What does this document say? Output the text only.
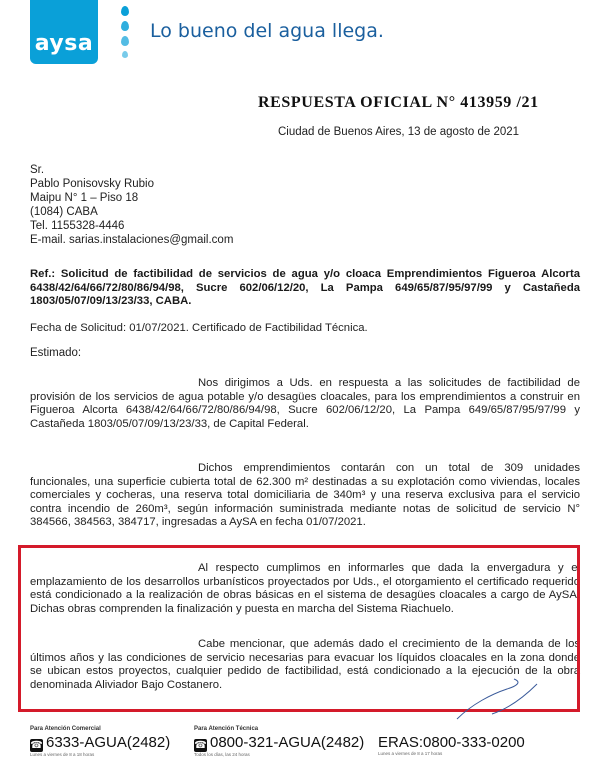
aysa	Lo bueno del agua llega.
RESPUESTA OFICIAL N° 413959 /21
Ciudad de Buenos Aires, 13 de agosto de 2021
Sr.
Pablo Ponisovsky Rubio
Maipu N° 1 – Piso 18
(1084) CABA
Tel. 1155328-4446
E-mail. sarias.instalaciones@gmail.com
Ref.: Solicitud de factibilidad de servicios de agua y/o cloaca Emprendimientos Figueroa Alcorta 6438/42/64/66/72/80/86/94/98, Sucre 602/06/12/20, La Pampa 649/65/87/95/97/99 y Castañeda 1803/05/07/09/13/23/33, CABA.
Fecha de Solicitud: 01/07/2021. Certificado de Factibilidad Técnica.
Estimado:
Nos dirigimos a Uds. en respuesta a las solicitudes de factibilidad de provisión de los servicios de agua potable y/o desagües cloacales, para los emprendimientos a construir en Figueroa Alcorta 6438/42/64/66/72/80/86/94/98, Sucre 602/06/12/20, La Pampa 649/65/87/95/97/99 y Castañeda 1803/05/07/09/13/23/33, de Capital Federal.
Dichos emprendimientos contarán con un total de 309 unidades funcionales, una superficie cubierta total de 62.300 m² destinadas a su explotación como viviendas, locales comerciales y cocheras, una reserva total domiciliaria de 340m³ y una reserva exclusiva para el servicio contra incendio de 260m³, según información suministrada mediante notas de solicitud de servicio N° 384566, 384563, 384717, ingresadas a AySA en fecha 01/07/2021.
Al respecto cumplimos en informarles que dada la envergadura y el emplazamiento de los desarrollos urbanísticos proyectados por Uds., el otorgamiento el certificado requerido está condicionado a la realización de obras básicas en el sistema de desagües cloacales a cargo de AySA. Dichas obras comprenden la finalización y puesta en marcha del Sistema Riachuelo.
Cabe mencionar, que además dado el crecimiento de la demanda de los últimos años y las condiciones de servicio necesarias para evacuar los líquidos cloacales en la zona donde se ubican estos proyectos, cualquier pedido de factibilidad, está condicionado a la ejecución de la obra denominada Aliviador Bajo Costanero.
Para Atención Comercial
☎ 6333-AGUA(2482)
Lunes a viernes de 8 a 18 horas
Para Atención Técnica
☎ 0800-321-AGUA(2482)
Todos los días, las 24 horas

ERAS:0800-333-0200
Lunes a viernes de 8 a 17 horas
